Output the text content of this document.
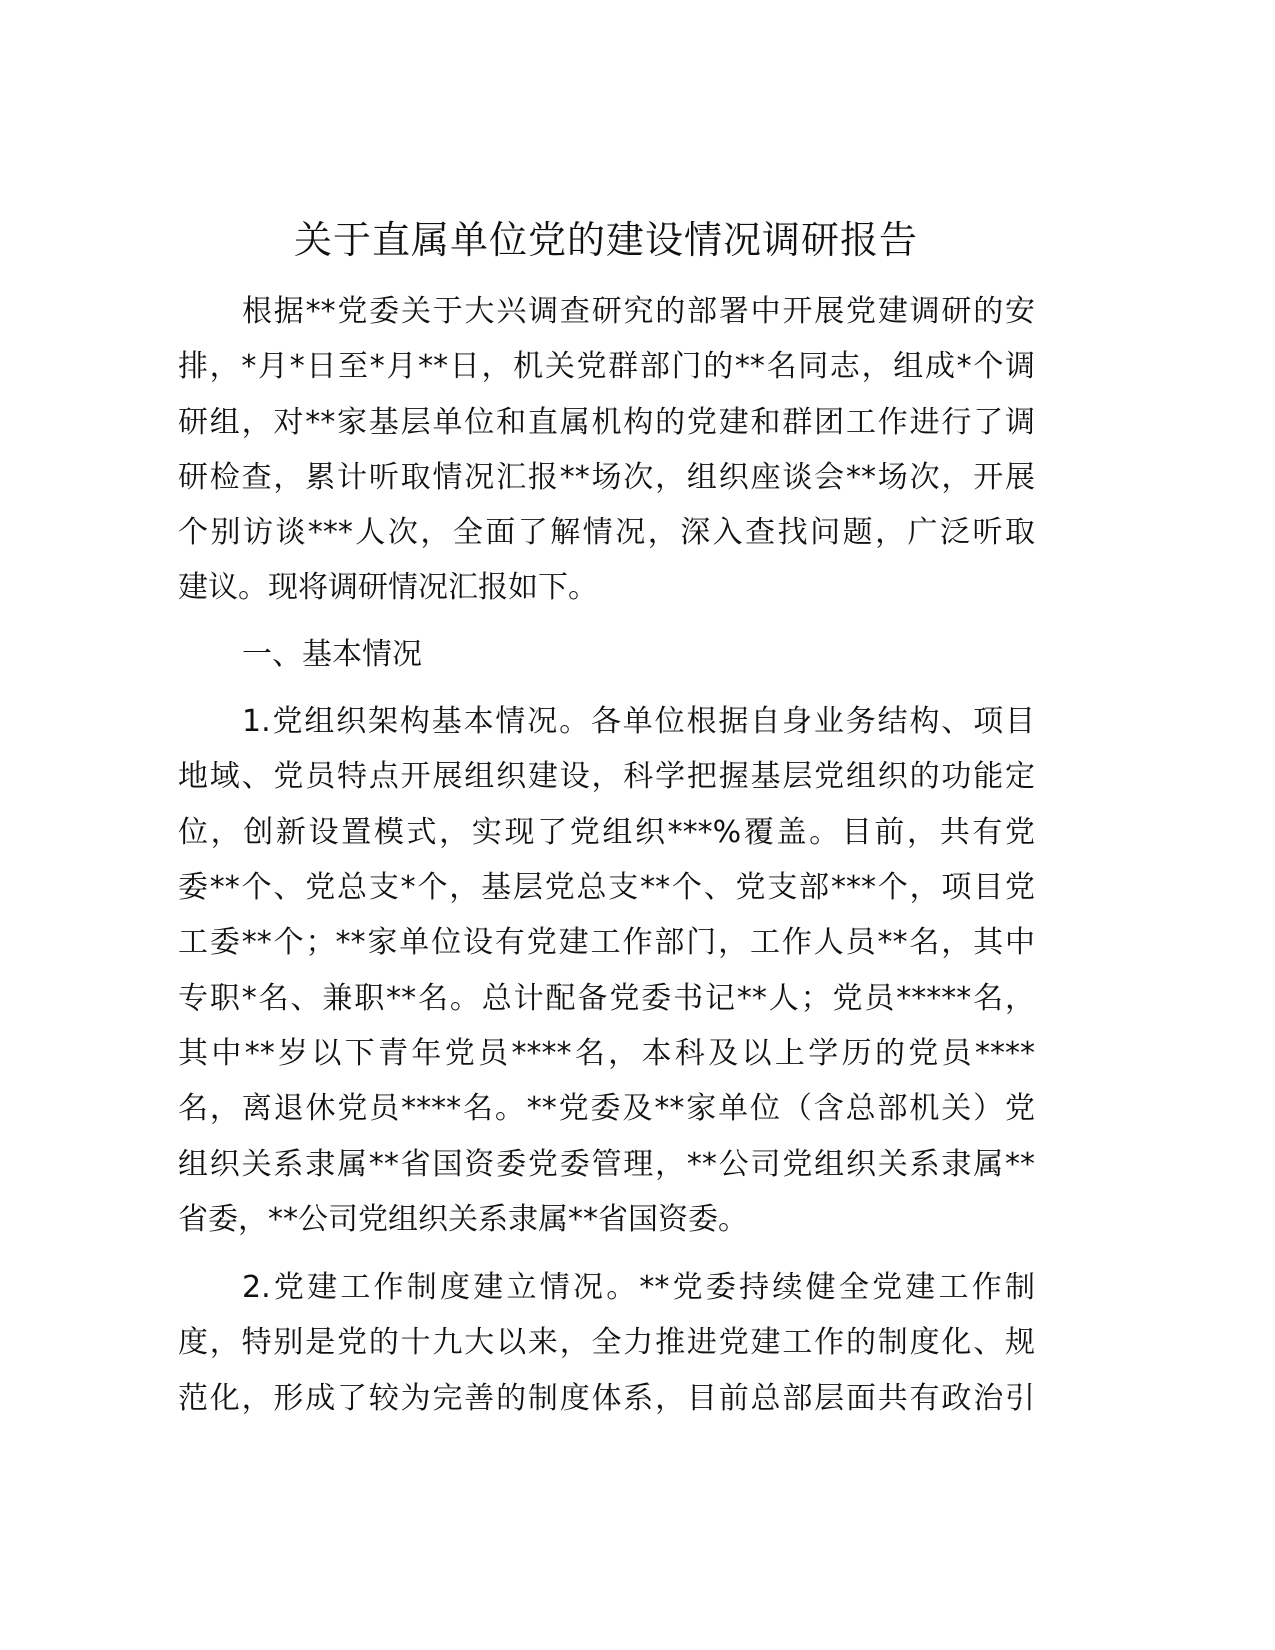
关于直属单位党的建设情况调研报告
根据**党委关于大兴调查研究的部署中开展党建调研的安
排，*月*日至*月**日，机关党群部门的**名同志，组成*个调
研组，对**家基层单位和直属机构的党建和群团工作进行了调
研检查，累计听取情况汇报**场次，组织座谈会**场次，开展
个别访谈***人次，全面了解情况，深入查找问题，广泛听取
建议。现将调研情况汇报如下。
一、基本情况
1.党组织架构基本情况。各单位根据自身业务结构、项目
地域、党员特点开展组织建设，科学把握基层党组织的功能定
位，创新设置模式，实现了党组织***%覆盖。目前，共有党
委**个、党总支*个，基层党总支**个、党支部***个，项目党
工委**个；**家单位设有党建工作部门，工作人员**名，其中
专职*名、兼职**名。总计配备党委书记**人；党员*****名，
其中**岁以下青年党员****名，本科及以上学历的党员****
名，离退休党员****名。**党委及**家单位（含总部机关）党
组织关系隶属**省国资委党委管理，**公司党组织关系隶属**
省委，**公司党组织关系隶属**省国资委。
2.党建工作制度建立情况。**党委持续健全党建工作制
度，特别是党的十九大以来，全力推进党建工作的制度化、规
范化，形成了较为完善的制度体系，目前总部层面共有政治引
